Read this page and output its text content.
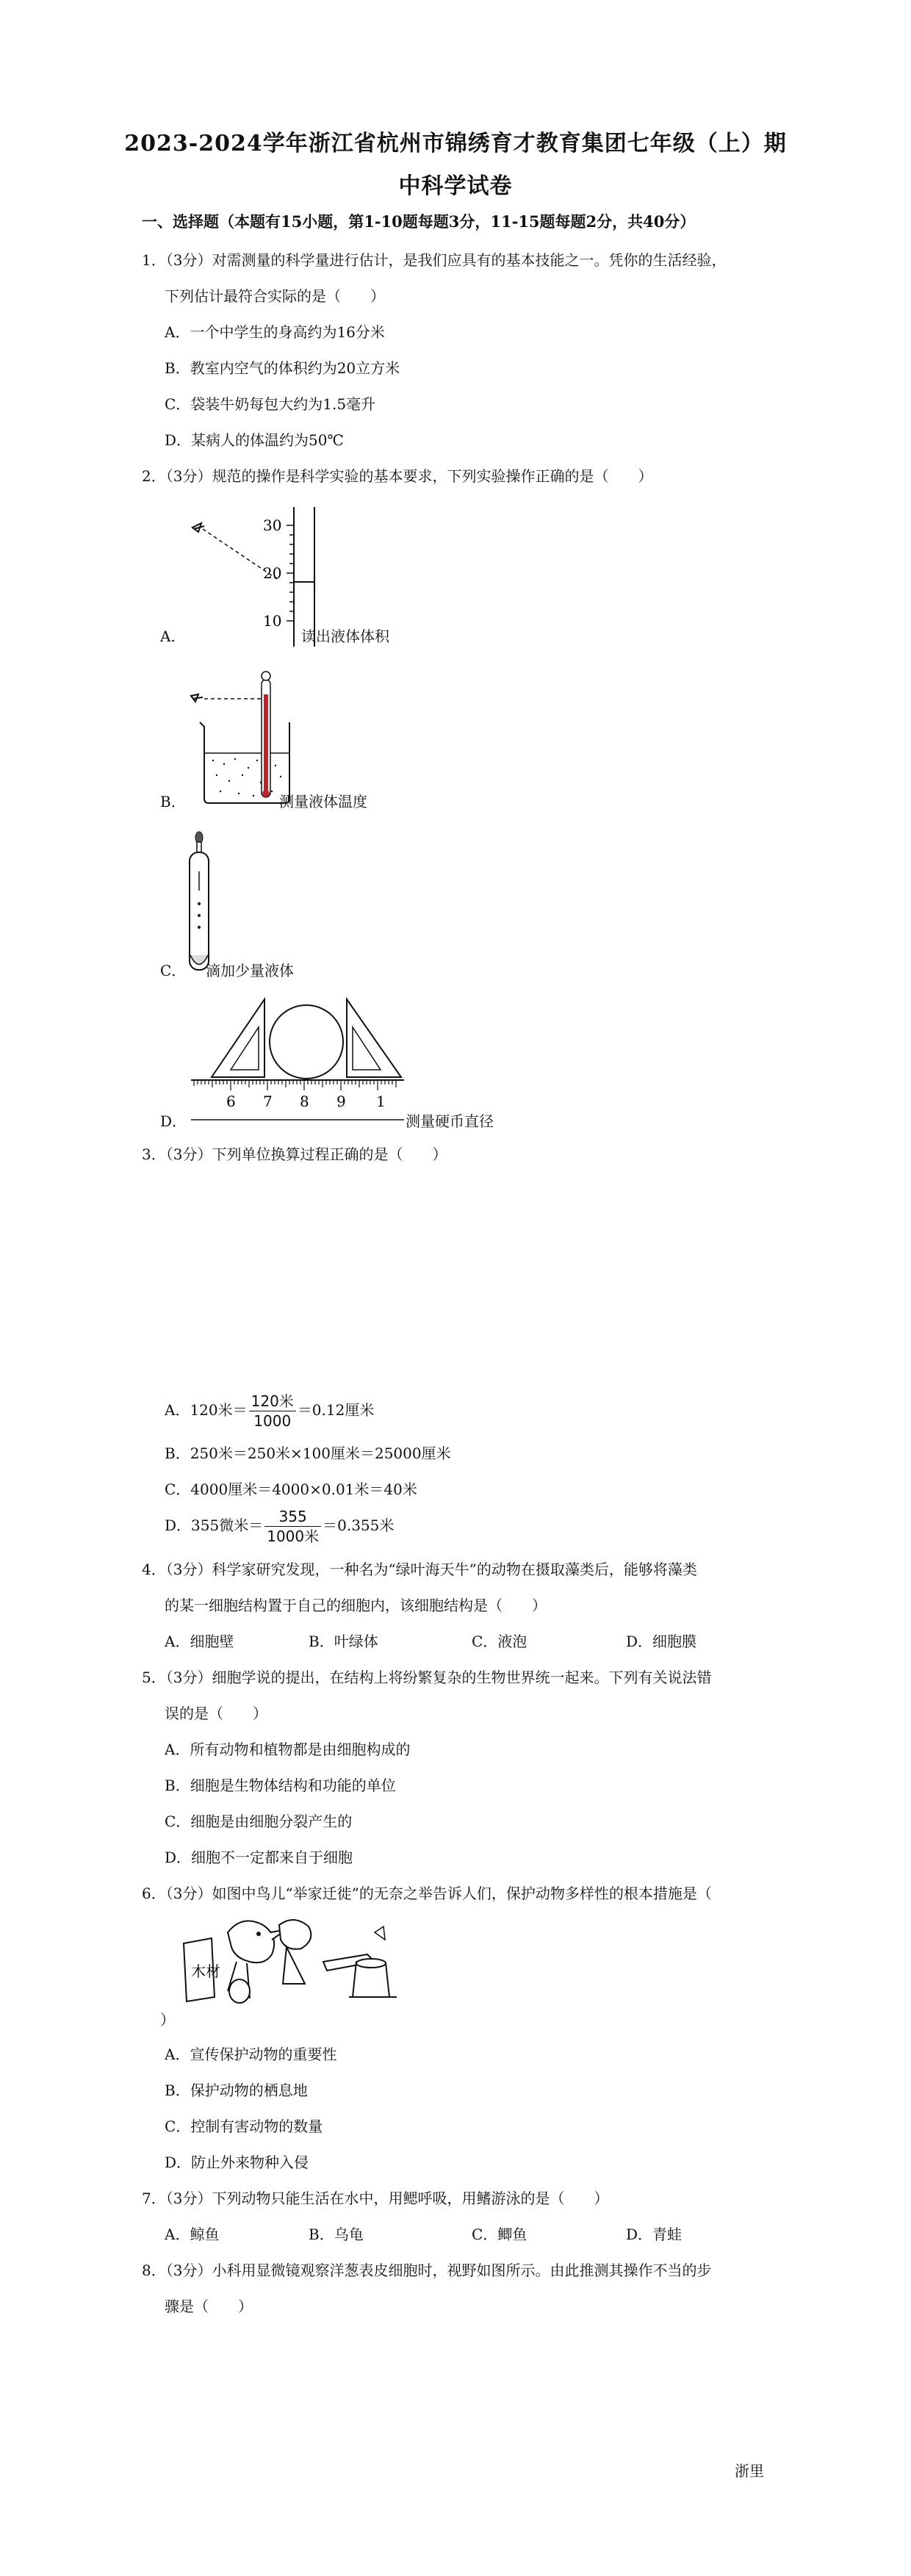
2023-2024学年浙江省杭州市锦绣育才教育集团七年级（上）期
中科学试卷
一、选择题（本题有15小题，第1-10题每题3分，11-15题每题2分，共40分）
1．（3分）对需测量的科学量进行估计，是我们应具有的基本技能之一。凭你的生活经验，
下列估计最符合实际的是（　　）
A．一个中学生的身高约为16分米
B．教室内空气的体积约为20立方米
C．袋装牛奶每包大约为1.5毫升
D．某病人的体温约为50℃
2．（3分）规范的操作是科学实验的基本要求，下列实验操作正确的是（　　）
30
20
10
A．	读出液体体积
B．	测量液体温度
C． 滴加少量液体
6 7 8 9 1
D．	测量硬币直径
3．（3分）下列单位换算过程正确的是（　　）
A．120米＝ $\frac{\text{120米}}{1000} =0.12$厘米
B．250米＝250米×100厘米＝25000厘米
C．4000厘米＝4000×0.01米＝40米
D．355微米＝ $\frac{355}{\text{1000米}} =0.355$米
4．（3分）科学家研究发现，一种名为“绿叶海天牛”的动物在摄取藻类后，能够将藻类
的某一细胞结构置于自己的细胞内，该细胞结构是（　　）
A．细胞壁	B．叶绿体	C．液泡	D．细胞膜
5．（3分）细胞学说的提出，在结构上将纷繁复杂的生物世界统一起来。下列有关说法错
误的是（　　）
A．所有动物和植物都是由细胞构成的
B．细胞是生物体结构和功能的单位
C．细胞是由细胞分裂产生的
D．细胞不一定都来自于细胞
6．（3分）如图中鸟儿“举家迁徙”的无奈之举告诉人们，保护动物多样性的根本措施是（
木材
）
A．宣传保护动物的重要性
B．保护动物的栖息地
C．控制有害动物的数量
D．防止外来物种入侵
7．（3分）下列动物只能生活在水中，用鳃呼吸，用鳍游泳的是（　　）
A．鲸鱼	B．乌龟	C．鲫鱼	D．青蛙
8．（3分）小科用显微镜观察洋葱表皮细胞时，视野如图所示。由此推测其操作不当的步
骤是（　　）
浙里
